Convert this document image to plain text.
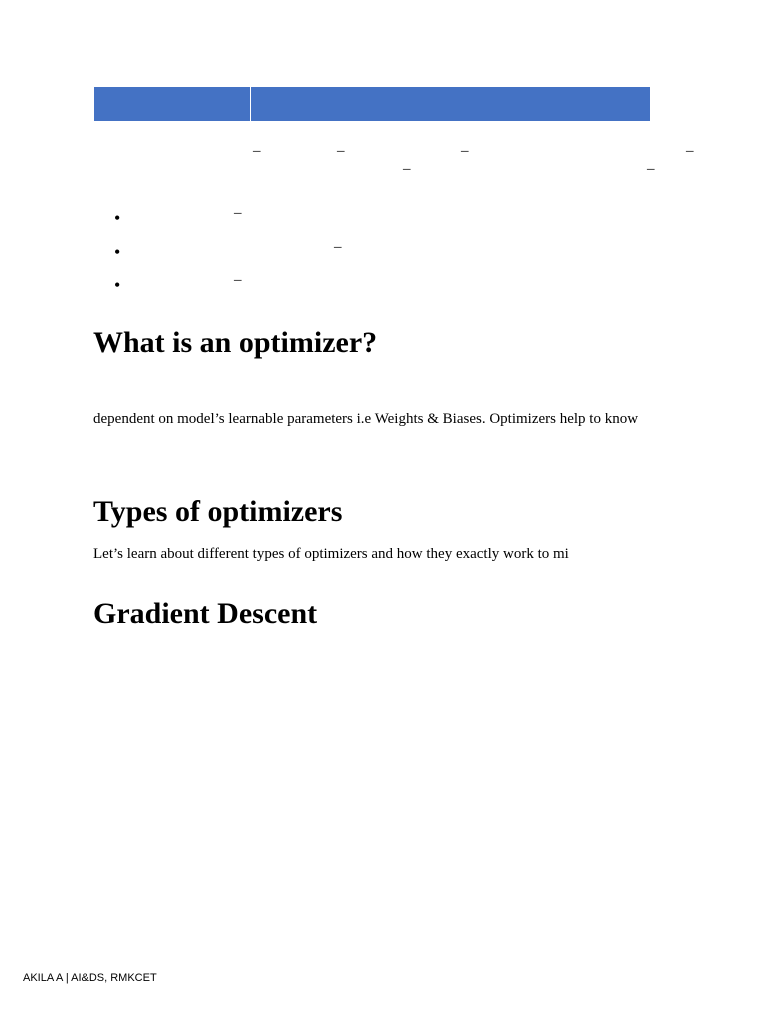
–	–	–	–
–	–
•	–
•	–
•	–
What is an optimizer?

dependent on model’s learnable parameters i.e Weights & Biases. Optimizers help to know

Types of optimizers

Let’s learn about different types of optimizers and how they exactly work to mi

Gradient Descent
AKILA A | AI&DS, RMKCET
